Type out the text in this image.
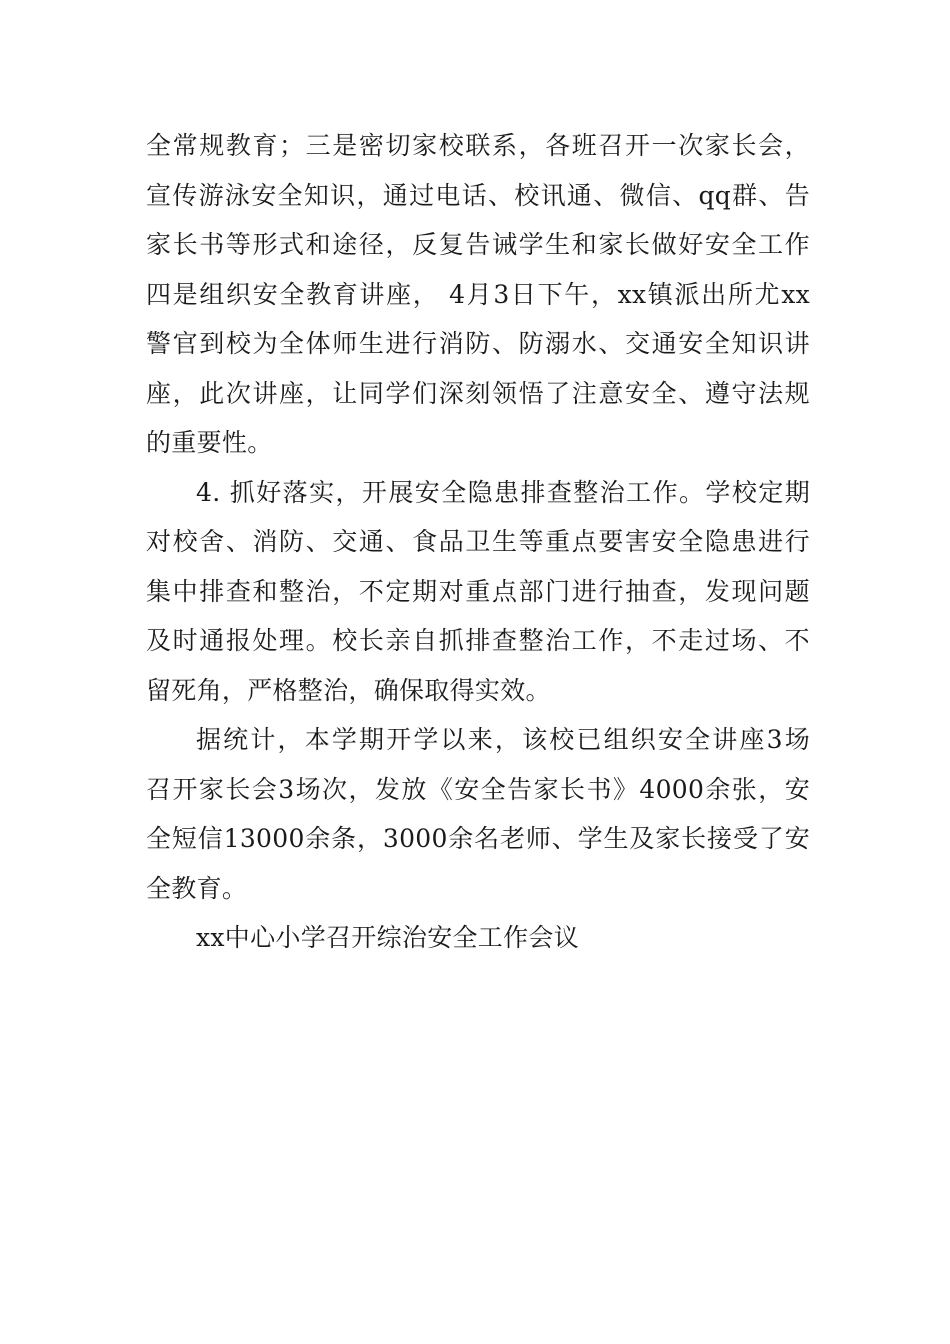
全常规教育；三是密切家校联系，各班召开一次家长会，
宣传游泳安全知识，通过电话、校讯通、微信、qq群、告
家长书等形式和途径，反复告诫学生和家长做好安全工作
四是组织安全教育讲座， 4月3日下午，xx镇派出所尤xx
警官到校为全体师生进行消防、防溺水、交通安全知识讲
座，此次讲座，让同学们深刻领悟了注意安全、遵守法规
的重要性。
4. 抓好落实，开展安全隐患排查整治工作。学校定期
对校舍、消防、交通、食品卫生等重点要害安全隐患进行
集中排查和整治，不定期对重点部门进行抽查，发现问题
及时通报处理。校长亲自抓排查整治工作，不走过场、不
留死角，严格整治，确保取得实效。
据统计，本学期开学以来，该校已组织安全讲座3场
召开家长会3场次，发放《安全告家长书》4000余张，安
全短信13000余条，3000余名老师、学生及家长接受了安
全教育。
xx中心小学召开综治安全工作会议
